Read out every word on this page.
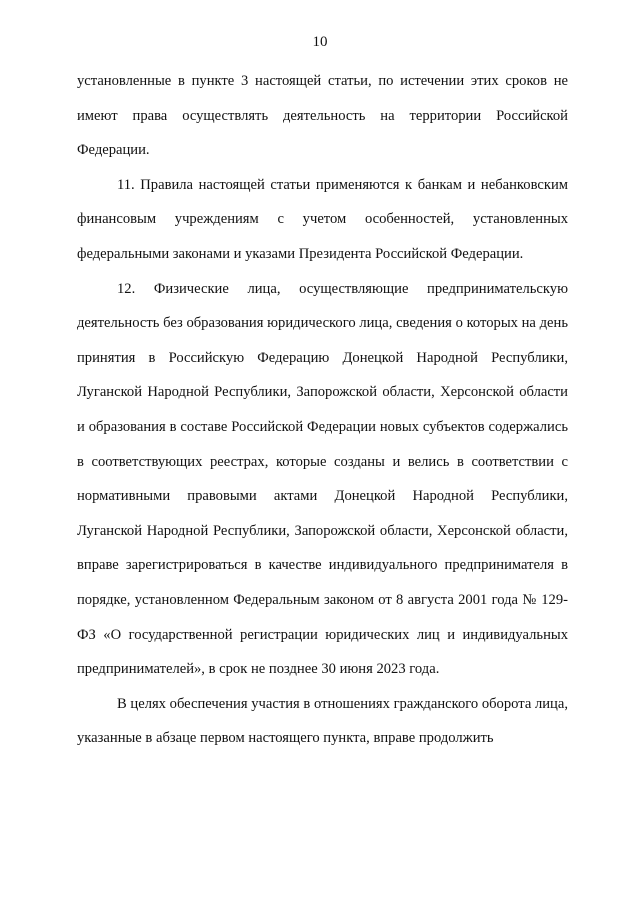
10

установленные в пункте 3 настоящей статьи, по истечении этих сроков не имеют права осуществлять деятельность на территории Российской Федерации.

11. Правила настоящей статьи применяются к банкам и небанковским финансовым учреждениям с учетом особенностей, установленных федеральными законами и указами Президента Российской Федерации.

12. Физические лица, осуществляющие предпринимательскую деятельность без образования юридического лица, сведения о которых на день принятия в Российскую Федерацию Донецкой Народной Республики, Луганской Народной Республики, Запорожской области, Херсонской области и образования в составе Российской Федерации новых субъектов содержались в соответствующих реестрах, которые созданы и велись в соответствии с нормативными правовыми актами Донецкой Народной Республики, Луганской Народной Республики, Запорожской области, Херсонской области, вправе зарегистрироваться в качестве индивидуального предпринимателя в порядке, установленном Федеральным законом от 8 августа 2001 года № 129-ФЗ «О государственной регистрации юридических лиц и индивидуальных предпринимателей», в срок не позднее 30 июня 2023 года.

В целях обеспечения участия в отношениях гражданского оборота лица, указанные в абзаце первом настоящего пункта, вправе продолжить
